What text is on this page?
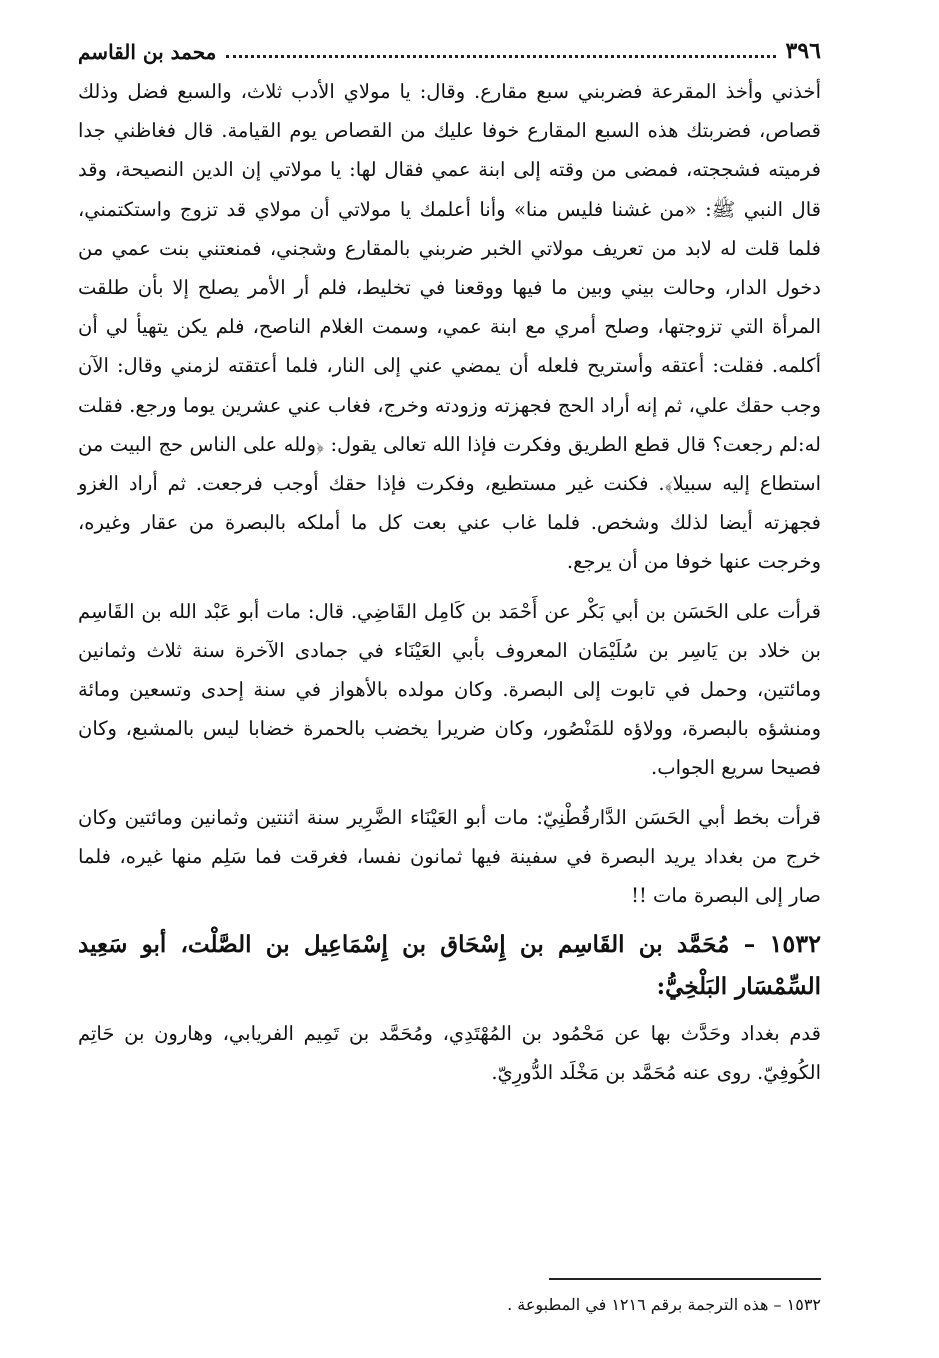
٣٩٦
محمد بن القاسم

أخذني وأخذ المقرعة فضربني سبع مقارع. وقال: يا مولاي الأدب ثلاث، والسبع فضل وذلك قصاص، فضربتك هذه السبع المقارع خوفا عليك من القصاص يوم القيامة. قال فغاظني جدا فرميته فشججته، فمضى من وقته إلى ابنة عمي فقال لها: يا مولاتي إن الدين النصيحة، وقد قال النبي ﷺ: «من غشنا فليس منا» وأنا أعلمك يا مولاتي أن مولاي قد تزوج واستكتمني، فلما قلت له لابد من تعريف مولاتي الخبر ضربني بالمقارع وشجني، فمنعتني بنت عمي من دخول الدار، وحالت بيني وبين ما فيها ووقعنا في تخليط، فلم أر الأمر يصلح إلا بأن طلقت المرأة التي تزوجتها، وصلح أمري مع ابنة عمي، وسمت الغلام الناصح، فلم يكن يتهيأ لي أن أكلمه. فقلت: أعتقه وأستريح فلعله أن يمضي عني إلى النار، فلما أعتقته لزمني وقال: الآن وجب حقك علي، ثم إنه أراد الحج فجهزته وزودته وخرج، فغاب عني عشرين يوما ورجع. فقلت له:لم رجعت؟ قال قطع الطريق وفكرت فإذا الله تعالى يقول: ﴿ولله على الناس حج البيت من استطاع إليه سبيلا﴾. فكنت غير مستطيع، وفكرت فإذا حقك أوجب فرجعت. ثم أراد الغزو فجهزته أيضا لذلك وشخص. فلما غاب عني بعت كل ما أملكه بالبصرة من عقار وغيره، وخرجت عنها خوفا من أن يرجع.

قرأت على الحَسَن بن أبي بَكْر عن أَحْمَد بن كَامِل القَاضِي. قال: مات أبو عَبْد الله بن القَاسِم بن خلاد بن يَاسِر بن سُلَيْمَان المعروف بأبي العَيْنَاء في جمادى الآخرة سنة ثلاث وثمانين ومائتين، وحمل في تابوت إلى البصرة. وكان مولده بالأهواز في سنة إحدى وتسعين ومائة ومنشؤه بالبصرة، وولاؤه للمَنْصُور، وكان ضريرا يخضب بالحمرة خضابا ليس بالمشبع، وكان فصيحا سريع الجواب.

قرأت بخط أبي الحَسَن الدَّارقُطْنِيّ: مات أبو العَيْنَاء الضَّرِير سنة اثنتين وثمانين ومائتين وكان خرج من بغداد يريد البصرة في سفينة فيها ثمانون نفسا، فغرقت فما سَلِم منها غيره، فلما صار إلى البصرة مات !!

١٥٣٢ – مُحَمَّد بن القَاسِم بن إِسْحَاق بن إِسْمَاعِيل بن الصَّلْت، أبو سَعِيد السِّمْسَار البَلْخِيُّ:

قدم بغداد وحَدَّث بها عن مَحْمُود بن المُهْتَدِي، ومُحَمَّد بن تَمِيم الفريابي، وهارون بن حَاتِم الكُوفِيّ. روى عنه مُحَمَّد بن مَخْلَد الدُّورِيّ.

١٥٣٢ – هذه الترجمة برقم ١٢١٦ في المطبوعة .
